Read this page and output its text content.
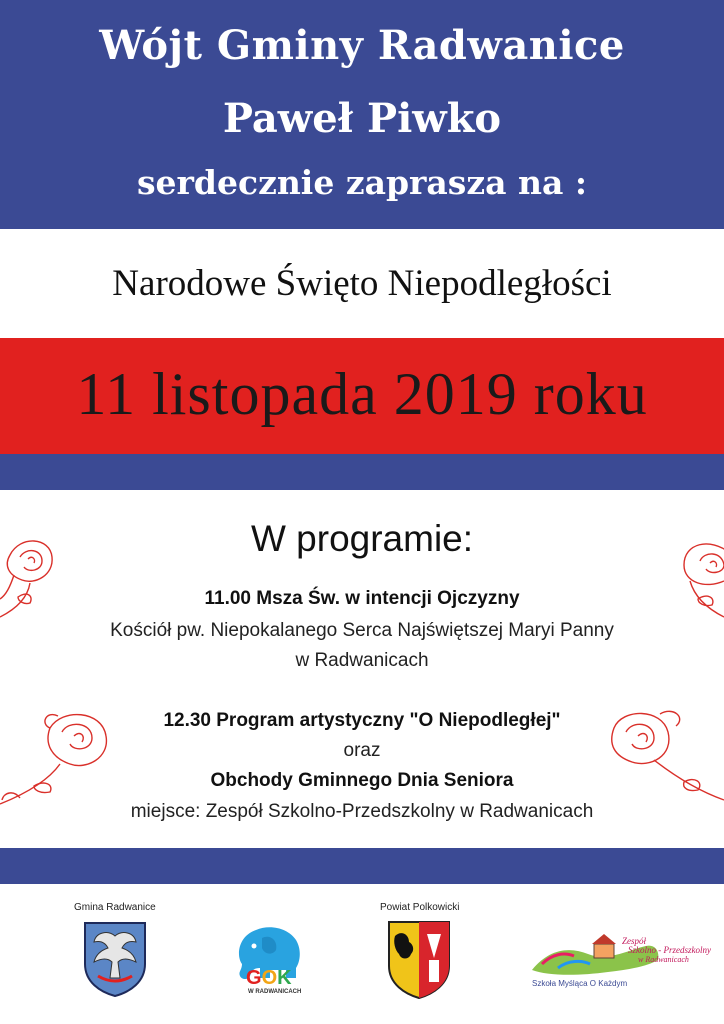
Wójt Gminy Radwanice
Paweł Piwko
serdecznie zaprasza na :
Narodowe Święto Niepodległości
11 listopada 2019 roku
W programie:
11.00 Msza Św. w intencji Ojczyzny
Kościół pw. Niepokalanego Serca Najświętszej Maryi Panny
w Radwanicach
12.30 Program artystyczny "O Niepodległej"
oraz
Obchody Gminnego Dnia Seniora
miejsce: Zespół Szkolno-Przedszkolny w Radwanicach
Gmina Radwanice
GOK
W RADWANICACH
Powiat Polkowicki
Zespół
Szkolno - Przedszkolny
w Radwanicach
Szkoła Myśląca O Każdym
